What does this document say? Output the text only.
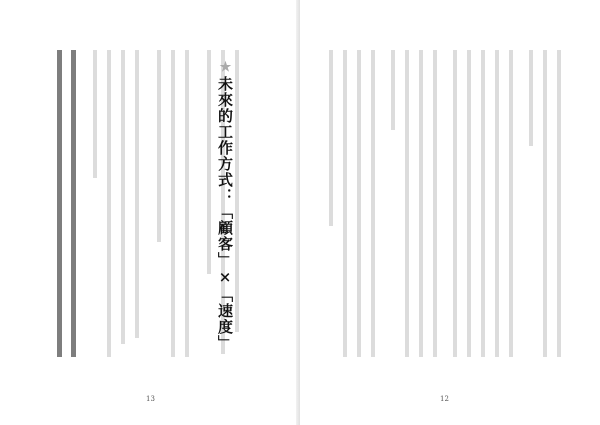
★未來的工作方式：「顧客」×「速度」
13	12
